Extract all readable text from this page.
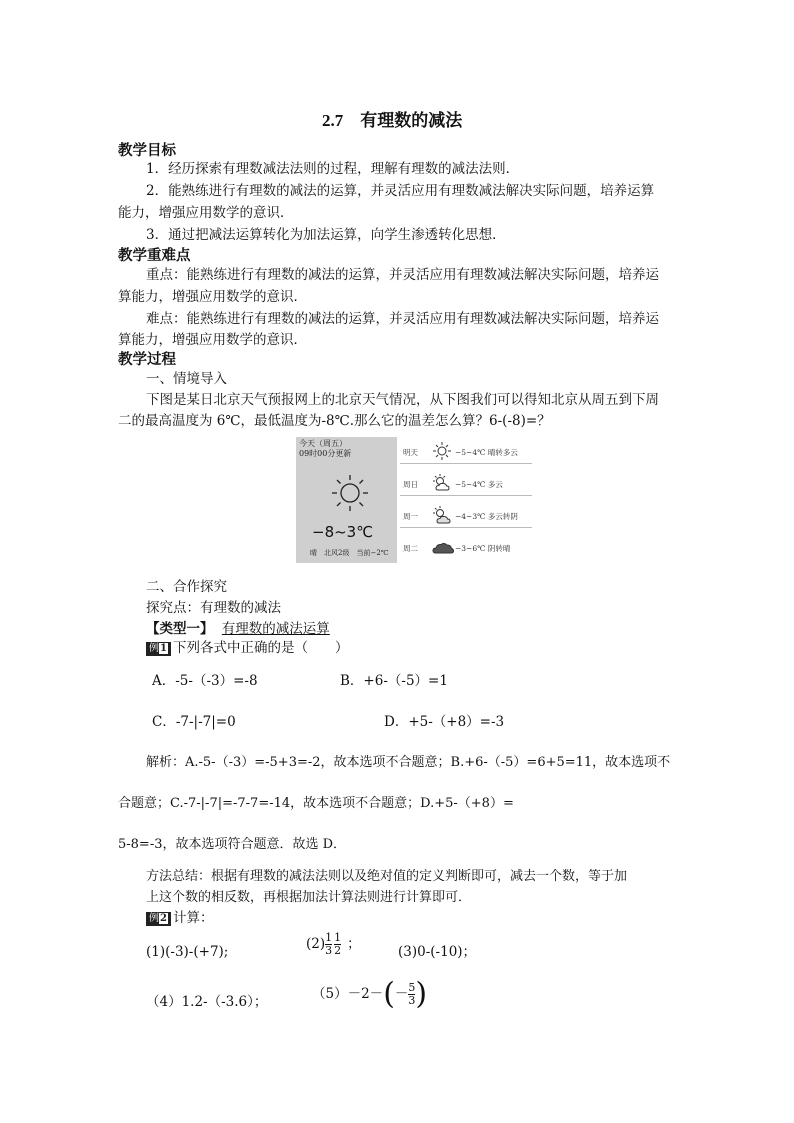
2.7　有理数的减法
教学目标
1．经历探索有理数减法法则的过程，理解有理数的减法法则．
2．能熟练进行有理数的减法的运算，并灵活应用有理数减法解决实际问题，培养运算
能力，增强应用数学的意识．
3．通过把减法运算转化为加法运算，向学生渗透转化思想．
教学重难点
重点：能熟练进行有理数的减法的运算，并灵活应用有理数减法解决实际问题，培养运
算能力，增强应用数学的意识．
难点：能熟练进行有理数的减法的运算，并灵活应用有理数减法解决实际问题，培养运
算能力，增强应用数学的意识．
教学过程
一、情境导入
下图是某日北京天气预报网上的北京天气情况，从下图我们可以得知北京从周五到下周
二的最高温度为 6℃，最低温度为-8℃.那么它的温差怎么算？6-(-8)=？
今天（周五）
09时00分更新
−8~3℃
晴　北风2级　当前−2℃
明天	−5~4℃ 晴转多云
周日	−5~4℃ 多云
周一	−4~3℃ 多云转阴
周二	−3~6℃ 阴转晴
二、合作探究
探究点：有理数的减法
【类型一】 有理数的减法运算
例1 下列各式中正确的是（　　）
A．-5-（-3）=-8	B．+6-（-5）=1
C．-7-|-7|=0	D．+5-（+8）=-3
解析：A.-5-（-3）=-5+3=-2，故本选项不合题意；B.+6-（-5）=6+5=11，故本选项不
合题意；C.-7-|-7|=-7-7=-14，故本选项不合题意；D.+5-（+8）=
5-8=-3，故本选项符合题意．故选 D．
方法总结：根据有理数的减法法则以及绝对值的定义判断即可，减去一个数，等于加
上这个数的相反数，再根据加法计算法则进行计算即可．
例2 计算：
(1)(-3)-(+7);	$(2) \frac{1}{3} \frac{1}{2}$ ；	(3)0-(-10)；
（4）1.2-（-3.6）；	$(5)-2-(- \frac{5}{3}$ )
